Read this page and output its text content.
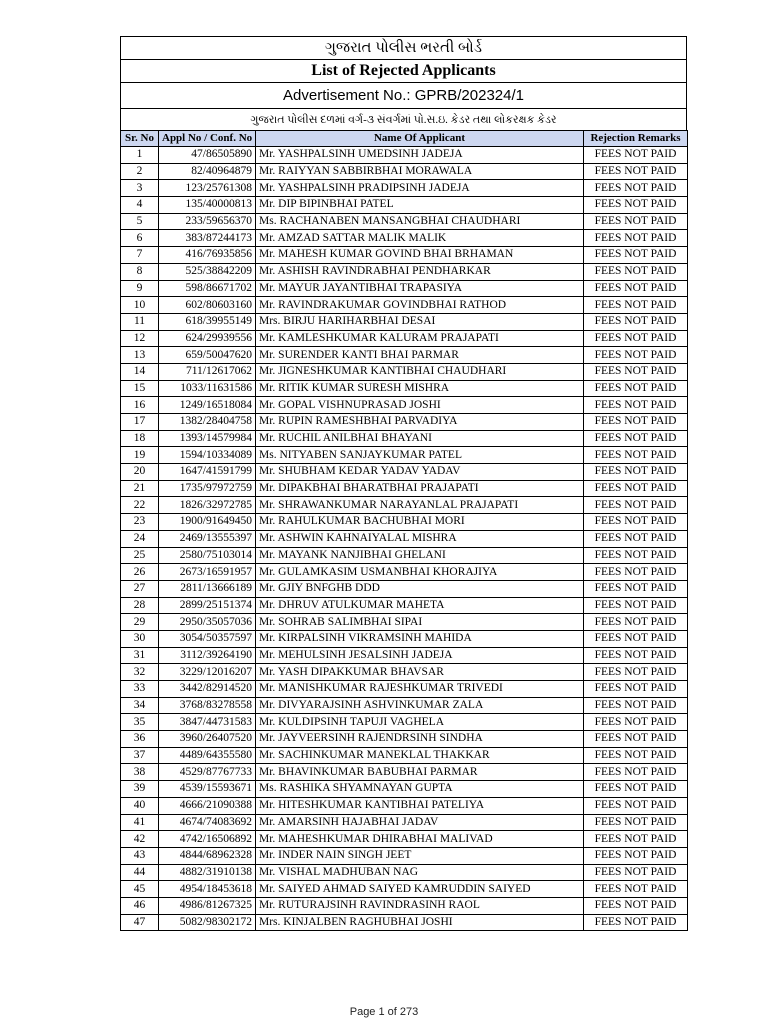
ગુજરાત પોલીસ ભરતી બોર્ડ
List of Rejected Applicants
Advertisement No.: GPRB/202324/1
ગુજરાત પોલીસ દળમાં વર્ગ-૩ સંવર્ગમાં પો.સ.ઇ. કેડર તથા લોકરક્ષક કેડર
Sr. No	Appl No / Conf. No	Name Of Applicant	Rejection Remarks
1	47/86505890	Mr. YASHPALSINH UMEDSINH JADEJA	FEES NOT PAID
2	82/40964879	Mr. RAIYYAN SABBIRBHAI MORAWALA	FEES NOT PAID
3	123/25761308	Mr. YASHPALSINH PRADIPSINH JADEJA	FEES NOT PAID
4	135/40000813	Mr. DIP BIPINBHAI PATEL	FEES NOT PAID
5	233/59656370	Ms. RACHANABEN MANSANGBHAI CHAUDHARI	FEES NOT PAID
6	383/87244173	Mr. AMZAD SATTAR MALIK MALIK	FEES NOT PAID
7	416/76935856	Mr. MAHESH KUMAR GOVIND BHAI BRHAMAN	FEES NOT PAID
8	525/38842209	Mr. ASHISH RAVINDRABHAI PENDHARKAR	FEES NOT PAID
9	598/86671702	Mr. MAYUR JAYANTIBHAI TRAPASIYA	FEES NOT PAID
10	602/80603160	Mr. RAVINDRAKUMAR GOVINDBHAI RATHOD	FEES NOT PAID
11	618/39955149	Mrs. BIRJU HARIHARBHAI DESAI	FEES NOT PAID
12	624/29939556	Mr. KAMLESHKUMAR KALURAM PRAJAPATI	FEES NOT PAID
13	659/50047620	Mr. SURENDER KANTI BHAI PARMAR	FEES NOT PAID
14	711/12617062	Mr. JIGNESHKUMAR KANTIBHAI CHAUDHARI	FEES NOT PAID
15	1033/11631586	Mr. RITIK KUMAR SURESH MISHRA	FEES NOT PAID
16	1249/16518084	Mr. GOPAL VISHNUPRASAD JOSHI	FEES NOT PAID
17	1382/28404758	Mr. RUPIN RAMESHBHAI PARVADIYA	FEES NOT PAID
18	1393/14579984	Mr. RUCHIL ANILBHAI BHAYANI	FEES NOT PAID
19	1594/10334089	Ms. NITYABEN SANJAYKUMAR PATEL	FEES NOT PAID
20	1647/41591799	Mr. SHUBHAM KEDAR YADAV YADAV	FEES NOT PAID
21	1735/97972759	Mr. DIPAKBHAI BHARATBHAI PRAJAPATI	FEES NOT PAID
22	1826/32972785	Mr. SHRAWANKUMAR NARAYANLAL PRAJAPATI	FEES NOT PAID
23	1900/91649450	Mr. RAHULKUMAR BACHUBHAI MORI	FEES NOT PAID
24	2469/13555397	Mr. ASHWIN KAHNAIYALAL MISHRA	FEES NOT PAID
25	2580/75103014	Mr. MAYANK NANJIBHAI GHELANI	FEES NOT PAID
26	2673/16591957	Mr. GULAMKASIM USMANBHAI KHORAJIYA	FEES NOT PAID
27	2811/13666189	Mr. GJIY BNFGHB DDD	FEES NOT PAID
28	2899/25151374	Mr. DHRUV ATULKUMAR MAHETA	FEES NOT PAID
29	2950/35057036	Mr. SOHRAB SALIMBHAI SIPAI	FEES NOT PAID
30	3054/50357597	Mr. KIRPALSINH VIKRAMSINH MAHIDA	FEES NOT PAID
31	3112/39264190	Mr. MEHULSINH JESALSINH JADEJA	FEES NOT PAID
32	3229/12016207	Mr. YASH DIPAKKUMAR BHAVSAR	FEES NOT PAID
33	3442/82914520	Mr. MANISHKUMAR RAJESHKUMAR TRIVEDI	FEES NOT PAID
34	3768/83278558	Mr. DIVYARAJSINH ASHVINKUMAR ZALA	FEES NOT PAID
35	3847/44731583	Mr. KULDIPSINH TAPUJI VAGHELA	FEES NOT PAID
36	3960/26407520	Mr. JAYVEERSINH RAJENDRSINH SINDHA	FEES NOT PAID
37	4489/64355580	Mr. SACHINKUMAR MANEKLAL THAKKAR	FEES NOT PAID
38	4529/87767733	Mr. BHAVINKUMAR BABUBHAI PARMAR	FEES NOT PAID
39	4539/15593671	Ms. RASHIKA SHYAMNAYAN GUPTA	FEES NOT PAID
40	4666/21090388	Mr. HITESHKUMAR KANTIBHAI PATELIYA	FEES NOT PAID
41	4674/74083692	Mr. AMARSINH HAJABHAI JADAV	FEES NOT PAID
42	4742/16506892	Mr. MAHESHKUMAR DHIRABHAI MALIVAD	FEES NOT PAID
43	4844/68962328	Mr. INDER NAIN SINGH JEET	FEES NOT PAID
44	4882/31910138	Mr. VISHAL MADHUBAN NAG	FEES NOT PAID
45	4954/18453618	Mr. SAIYED AHMAD SAIYED KAMRUDDIN SAIYED	FEES NOT PAID
46	4986/81267325	Mr. RUTURAJSINH RAVINDRASINH RAOL	FEES NOT PAID
47	5082/98302172	Mrs. KINJALBEN RAGHUBHAI JOSHI	FEES NOT PAID
Page 1 of 273
